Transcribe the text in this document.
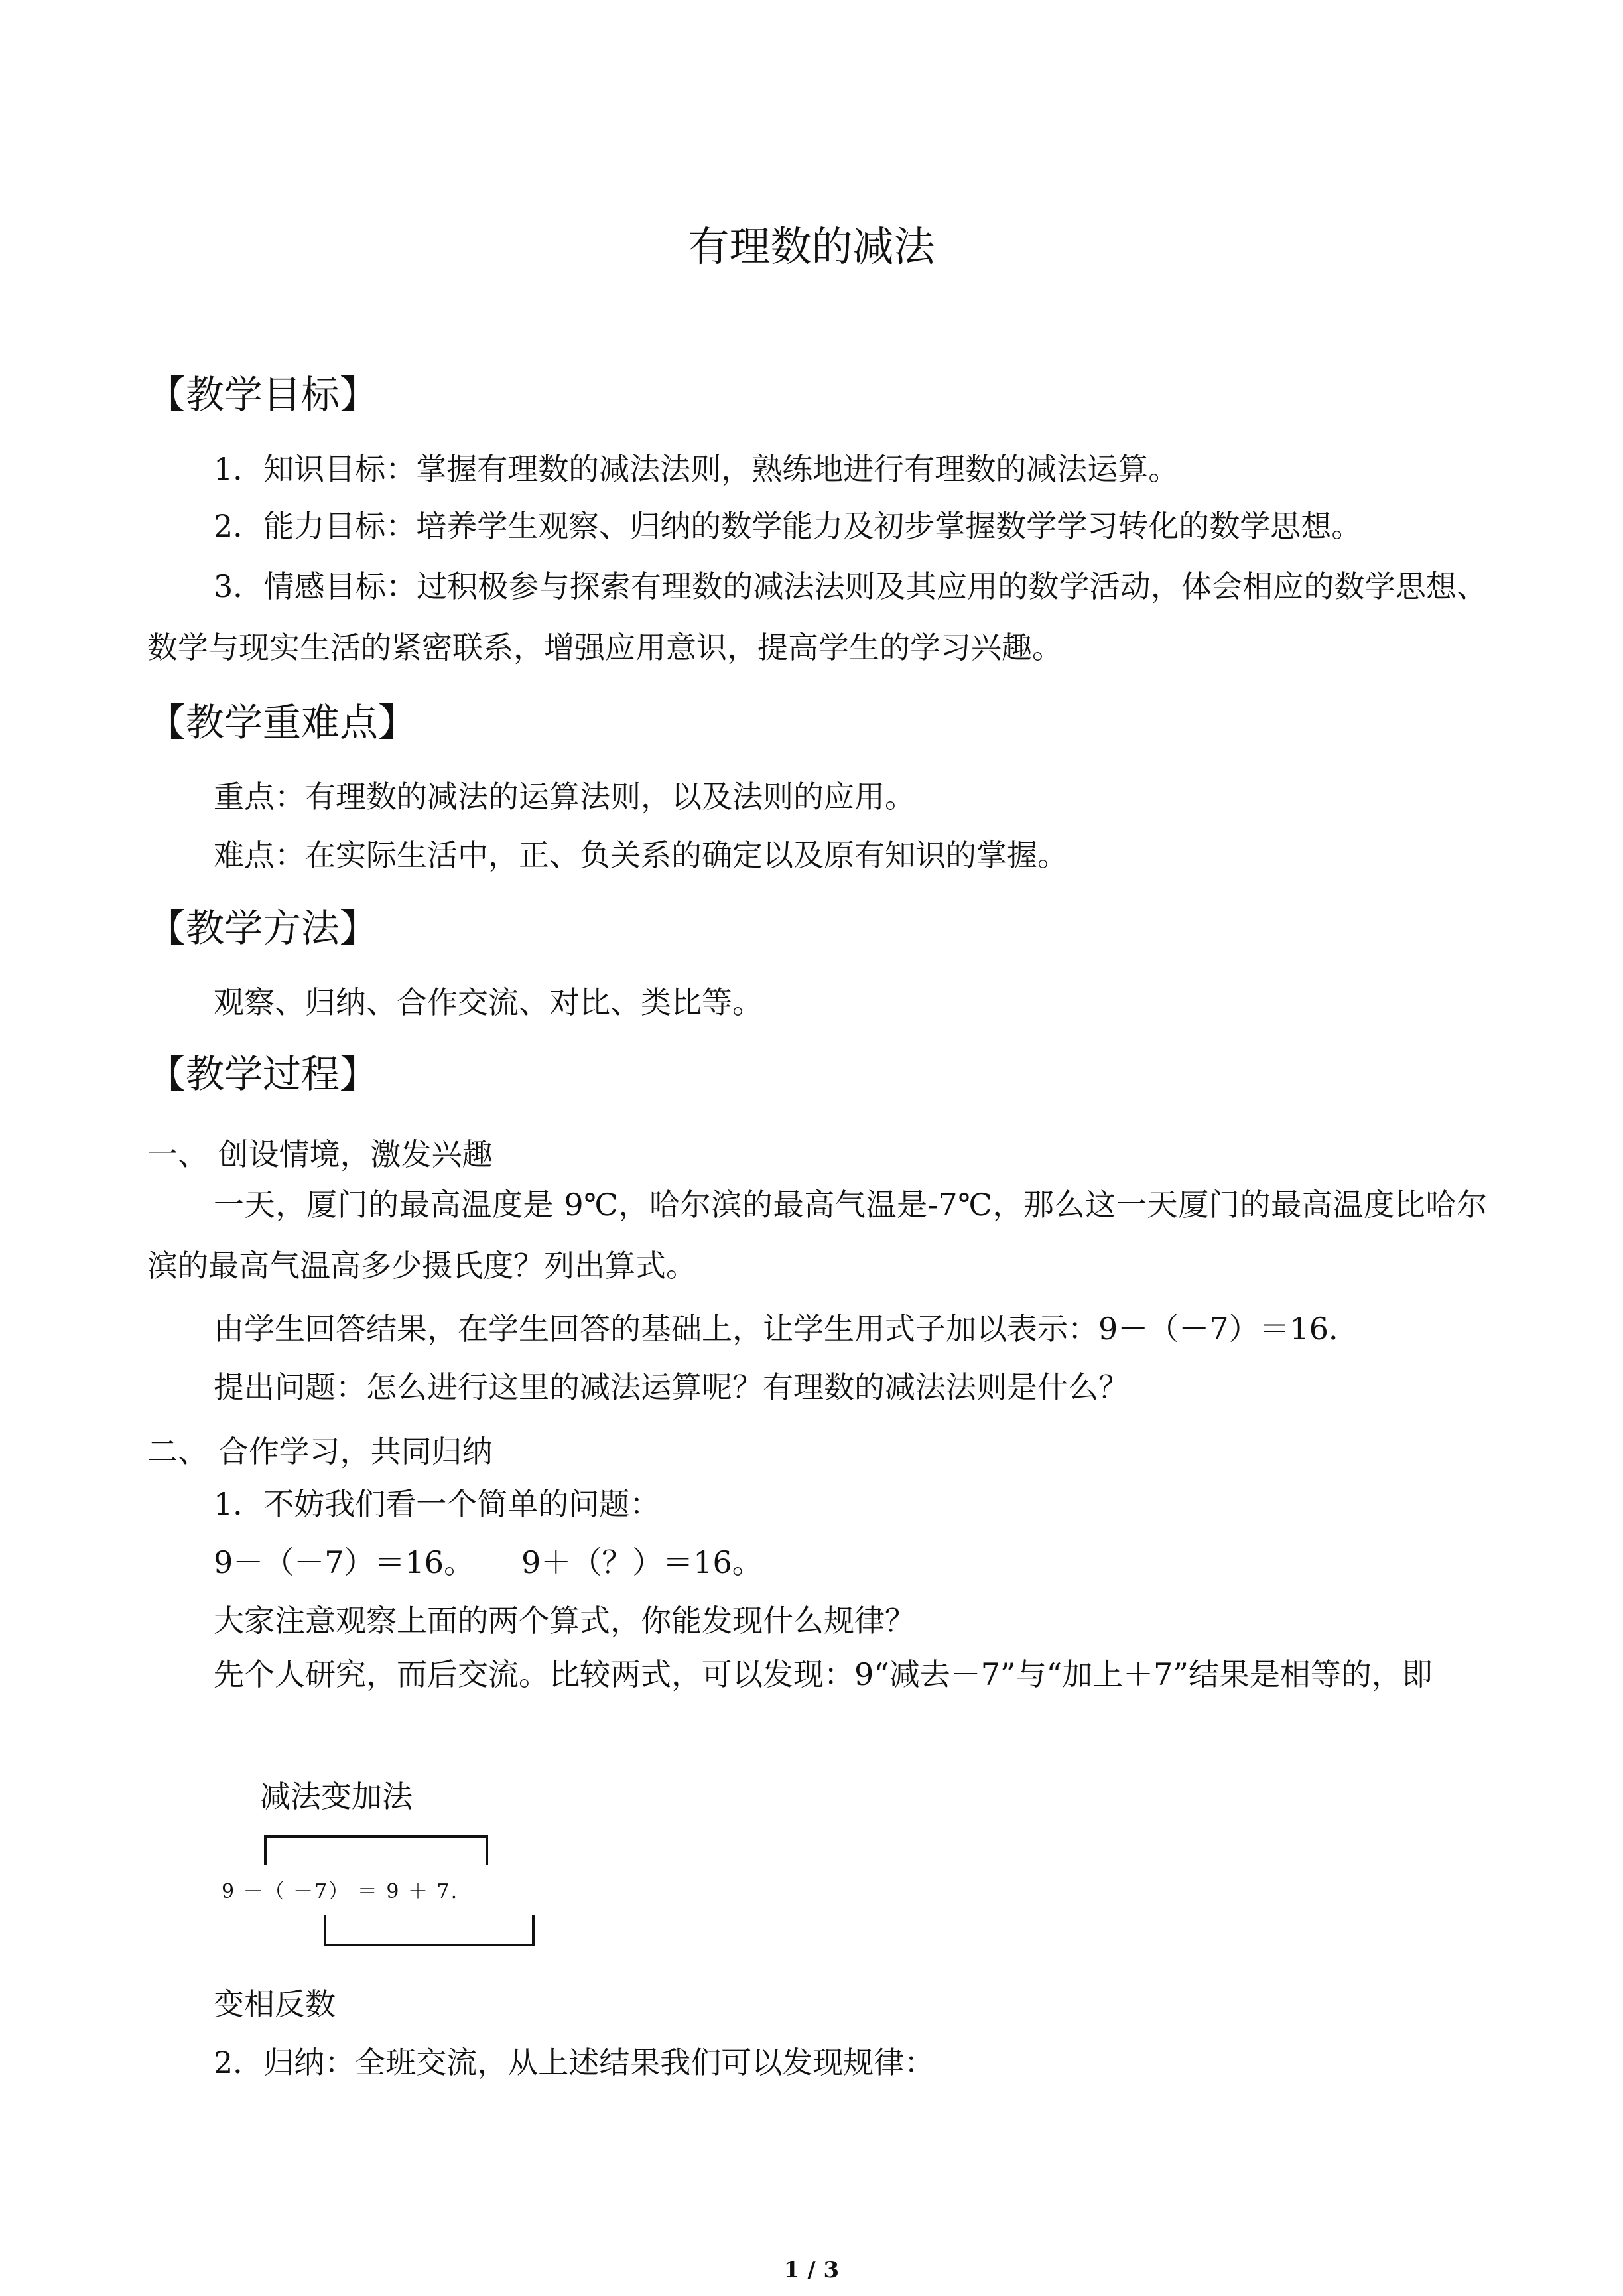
有理数的减法
【教学目标】
1．知识目标：掌握有理数的减法法则，熟练地进行有理数的减法运算。
2．能力目标：培养学生观察、归纳的数学能力及初步掌握数学学习转化的数学思想。

3．情感目标：过积极参与探索有理数的减法法则及其应用的数学活动，体会相应的数学思想、数学与现实生活的紧密联系，增强应用意识，提高学生的学习兴趣。

【教学重难点】
重点：有理数的减法的运算法则，以及法则的应用。
难点：在实际生活中，正、负关系的确定以及原有知识的掌握。
【教学方法】
观察、归纳、合作交流、对比、类比等。
【教学过程】
一、 创设情境，激发兴趣

一天，厦门的最高温度是 9℃，哈尔滨的最高气温是-7℃，那么这一天厦门的最高温度比哈尔滨的最高气温高多少摄氏度？列出算式。

由学生回答结果，在学生回答的基础上，让学生用式子加以表示：9－（－7）＝16．
提出问题：怎么进行这里的减法运算呢？有理数的减法法则是什么？
二、 合作学习，共同归纳
1．不妨我们看一个简单的问题：
9－（－7）＝16。 9＋（？）＝16。
大家注意观察上面的两个算式，你能发现什么规律？

先个人研究，而后交流。比较两式，可以发现：9“减去－7”与“加上＋7”结果是相等的，即

减法变加法
9 －（ －7） ＝ 9 ＋ 7.
变相反数
2．归纳：全班交流，从上述结果我们可以发现规律：
1 / 3
